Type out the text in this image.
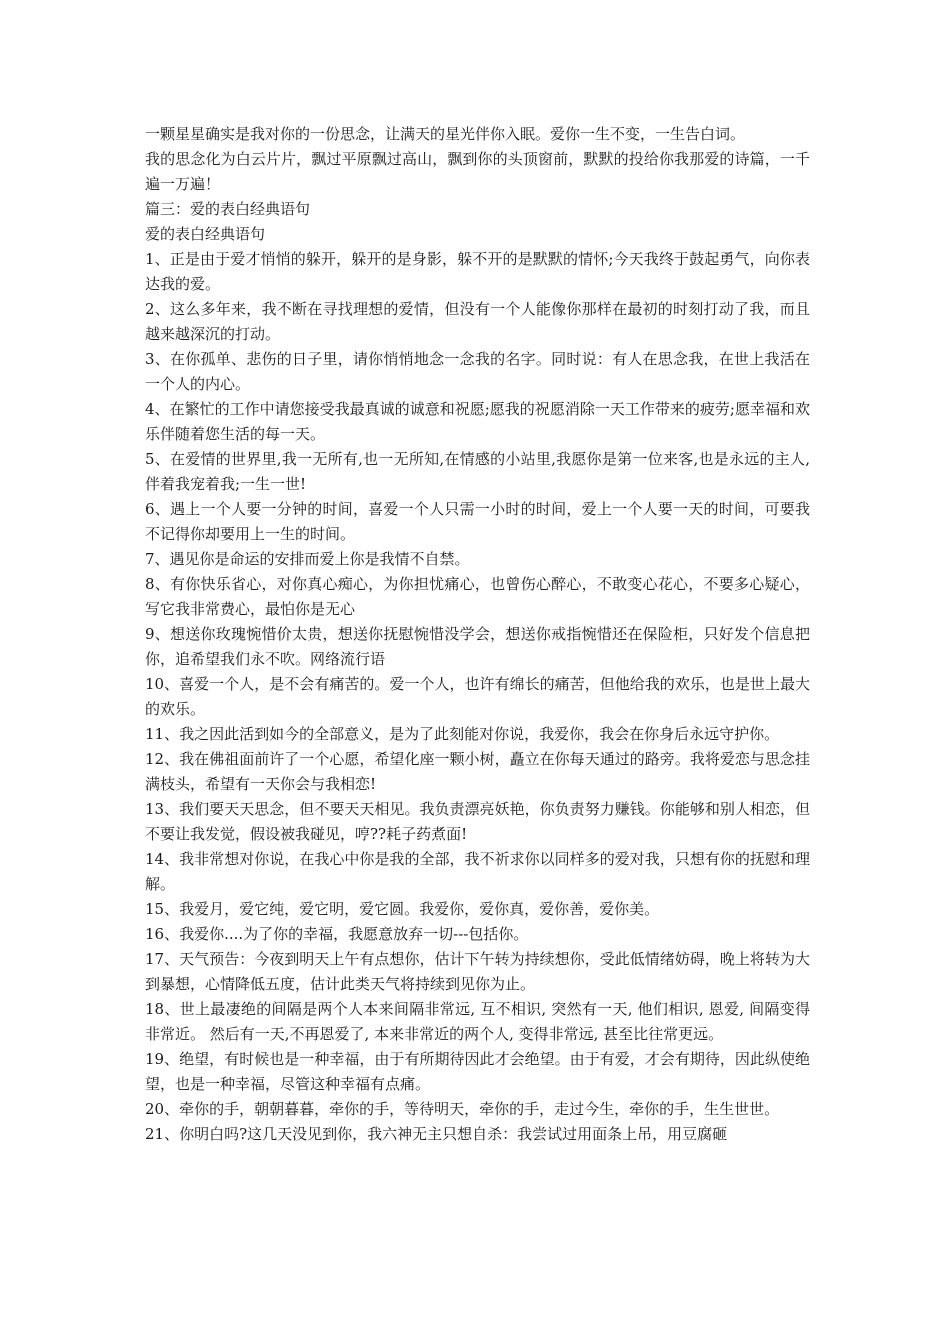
一颗星星确实是我对你的一份思念，让满天的星光伴你入眠。爱你一生不变，一生告白词。

我的思念化为白云片片，飘过平原飘过高山，飘到你的头顶窗前，默默的投给你我那爱的诗篇，一千遍一万遍！

篇三：爱的表白经典语句

爱的表白经典语句

1、正是由于爱才悄悄的躲开，躲开的是身影，躲不开的是默默的情怀;今天我终于鼓起勇气，向你表达我的爱。

2、这么多年来，我不断在寻找理想的爱情，但没有一个人能像你那样在最初的时刻打动了我，而且越来越深沉的打动。

3、在你孤单、悲伤的日子里，请你悄悄地念一念我的名字。同时说：有人在思念我，在世上我活在一个人的内心。

4、在繁忙的工作中请您接受我最真诚的诚意和祝愿;愿我的祝愿消除一天工作带来的疲劳;愿幸福和欢乐伴随着您生活的每一天。

5、在爱情的世界里,我一无所有,也一无所知,在情感的小站里,我愿你是第一位来客,也是永远的主人,伴着我宠着我;一生一世!

6、遇上一个人要一分钟的时间，喜爱一个人只需一小时的时间，爱上一个人要一天的时间，可要我不记得你却要用上一生的时间。

7、遇见你是命运的安排而爱上你是我情不自禁。

8、有你快乐省心，对你真心痴心，为你担忧痛心，也曾伤心醉心，不敢变心花心，不要多心疑心，写它我非常费心，最怕你是无心

9、想送你玫瑰惋惜价太贵，想送你抚慰惋惜没学会，想送你戒指惋惜还在保险柜，只好发个信息把你，追希望我们永不吹。网络流行语

10、喜爱一个人，是不会有痛苦的。爱一个人，也许有绵长的痛苦，但他给我的欢乐，也是世上最大的欢乐。

11、我之因此活到如今的全部意义，是为了此刻能对你说，我爱你，我会在你身后永远守护你。

12、我在佛祖面前许了一个心愿，希望化座一颗小树，矗立在你每天通过的路旁。我将爱恋与思念挂满枝头，希望有一天你会与我相恋!

13、我们要天天思念，但不要天天相见。我负责漂亮妖艳，你负责努力赚钱。你能够和别人相恋，但不要让我发觉，假设被我碰见，哼??耗子药煮面!

14、我非常想对你说，在我心中你是我的全部，我不祈求你以同样多的爱对我，只想有你的抚慰和理解。

15、我爱月，爱它纯，爱它明，爱它圆。我爱你，爱你真，爱你善，爱你美。

16、我爱你....为了你的幸福，我愿意放弃一切---包括你。

17、天气预告：今夜到明天上午有点想你，估计下午转为持续想你，受此低情绪妨碍，晚上将转为大到暴想，心情降低五度，估计此类天气将持续到见你为止。

18、世上最凄绝的间隔是两个人本来间隔非常远, 互不相识, 突然有一天, 他们相识, 恩爱, 间隔变得非常近。 然后有一天,不再恩爱了, 本来非常近的两个人, 变得非常远, 甚至比往常更远。

19、绝望，有时候也是一种幸福，由于有所期待因此才会绝望。由于有爱，才会有期待，因此纵使绝望，也是一种幸福，尽管这种幸福有点痛。

20、牵你的手，朝朝暮暮，牵你的手，等待明天，牵你的手，走过今生，牵你的手，生生世世。

21、你明白吗?这几天没见到你，我六神无主只想自杀：我尝试过用面条上吊，用豆腐砸
